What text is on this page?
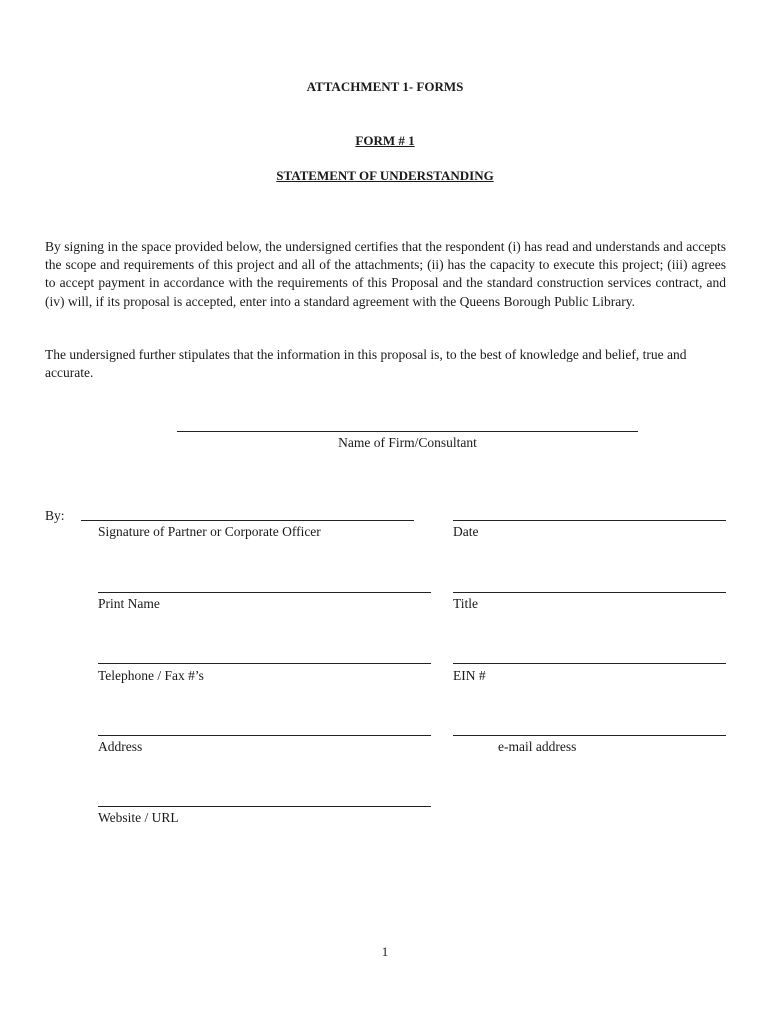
ATTACHMENT 1- FORMS
FORM # 1
STATEMENT OF UNDERSTANDING
By signing in the space provided below, the undersigned certifies that the respondent (i) has read and understands and accepts the scope and requirements of this project and all of the attachments; (ii) has the capacity to execute this project; (iii) agrees to accept payment in accordance with the requirements of this Proposal and the standard construction services contract, and (iv) will, if its proposal is accepted, enter into a standard agreement with the Queens Borough Public Library.
The undersigned further stipulates that the information in this proposal is, to the best of knowledge and belief, true and accurate.
Name of Firm/Consultant
By:
Signature of Partner or Corporate Officer	Date
Print Name	Title
Telephone / Fax #’s	EIN #
Address	e-mail address
Website / URL
1
